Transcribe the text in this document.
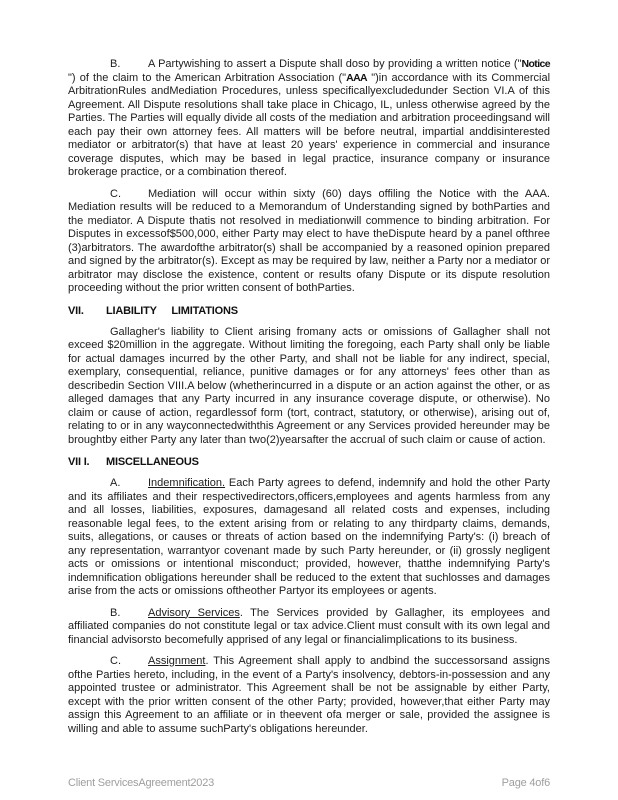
B.	A Partywishing to assert a Dispute shall doso by providing a written notice ("Notice ") of the claim to the American Arbitration Association ("AAA ")in accordance with its Commercial ArbitrationRules andMediation Procedures, unless specificallyexcludedunder Section VI.A of this Agreement. All Dispute resolutions shall take place in Chicago, IL, unless otherwise agreed by the Parties. The Parties will equally divide all costs of the mediation and arbitration proceedingsand will each pay their own attorney fees. All matters will be before neutral, impartial anddisinterested mediator or arbitrator(s) that have at least 20 years' experience in commercial and insurance coverage disputes, which may be based in legal practice, insurance company or insurance brokerage practice, or a combination thereof.

C. Mediation will occur within sixty (60) days offiling the Notice with the AAA. Mediation results will be reduced to a Memorandum of Understanding signed by bothParties and the mediator. A Dispute thatis not resolved in mediationwill commence to binding arbitration. For Disputes in excessof$500,000, either Party may elect to have theDispute heard by a panel ofthree (3)arbitrators. The awardofthe arbitrator(s) shall be accompanied by a reasoned opinion prepared and signed by the arbitrator(s). Except as may be required by law, neither a Party nor a mediator or arbitrator may disclose the existence, content or results ofany Dispute or its dispute resolution proceeding without the prior written consent of bothParties.

VII. LIABILITY LIMITATIONS

Gallagher's liability to Client arising fromany acts or omissions of Gallagher shall not exceed $20million in the aggregate. Without limiting the foregoing, each Party shall only be liable for actual damages incurred by the other Party, and shall not be liable for any indirect, special, exemplary, consequential, reliance, punitive damages or for any attorneys' fees other than as describedin Section VIII.A below (whetherincurred in a dispute or an action against the other, or as alleged damages that any Party incurred in any insurance coverage dispute, or otherwise). No claim or cause of action, regardlessof form (tort, contract, statutory, or otherwise), arising out of, relating to or in any wayconnectedwiththis Agreement or any Services provided hereunder may be broughtby either Party any later than two(2)yearsafter the accrual of such claim or cause of action.

VII I. MISCELLANEOUS

A.	Indemnification. Each Party agrees to defend, indemnify and hold the other Party and its affiliates and their respectivedirectors,officers,employees and agents harmless from any and all losses, liabilities, exposures, damagesand all related costs and expenses, including reasonable legal fees, to the extent arising from or relating to any thirdparty claims, demands, suits, allegations, or causes or threats of action based on the indemnifying Party's: (i) breach of any representation, warrantyor covenant made by such Party hereunder, or (ii) grossly negligent acts or omissions or intentional misconduct; provided, however, thatthe indemnifying Party's indemnification obligations hereunder shall be reduced to the extent that suchlosses and damages arise from the acts or omissions oftheother Partyor its employees or agents.

B.	Advisory Services. The Services provided by Gallagher, its employees and affiliated companies do not constitute legal or tax advice.Client must consult with its own legal and financial advisorsto becomefully apprised of any legal or financialimplications to its business.

C. Assignment. This Agreement shall apply to andbind the successorsand assigns ofthe Parties hereto, including, in the event of a Party's insolvency, debtors-in-possession and any appointed trustee or administrator. This Agreement shall be not be assignable by either Party, except with the prior written consent of the other Party; provided, however,that either Party may assign this Agreement to an affiliate or in theevent ofa merger or sale, provided the assignee is willing and able to assume suchParty's obligations hereunder.

Client ServicesAgreement2023	Page 4of6
